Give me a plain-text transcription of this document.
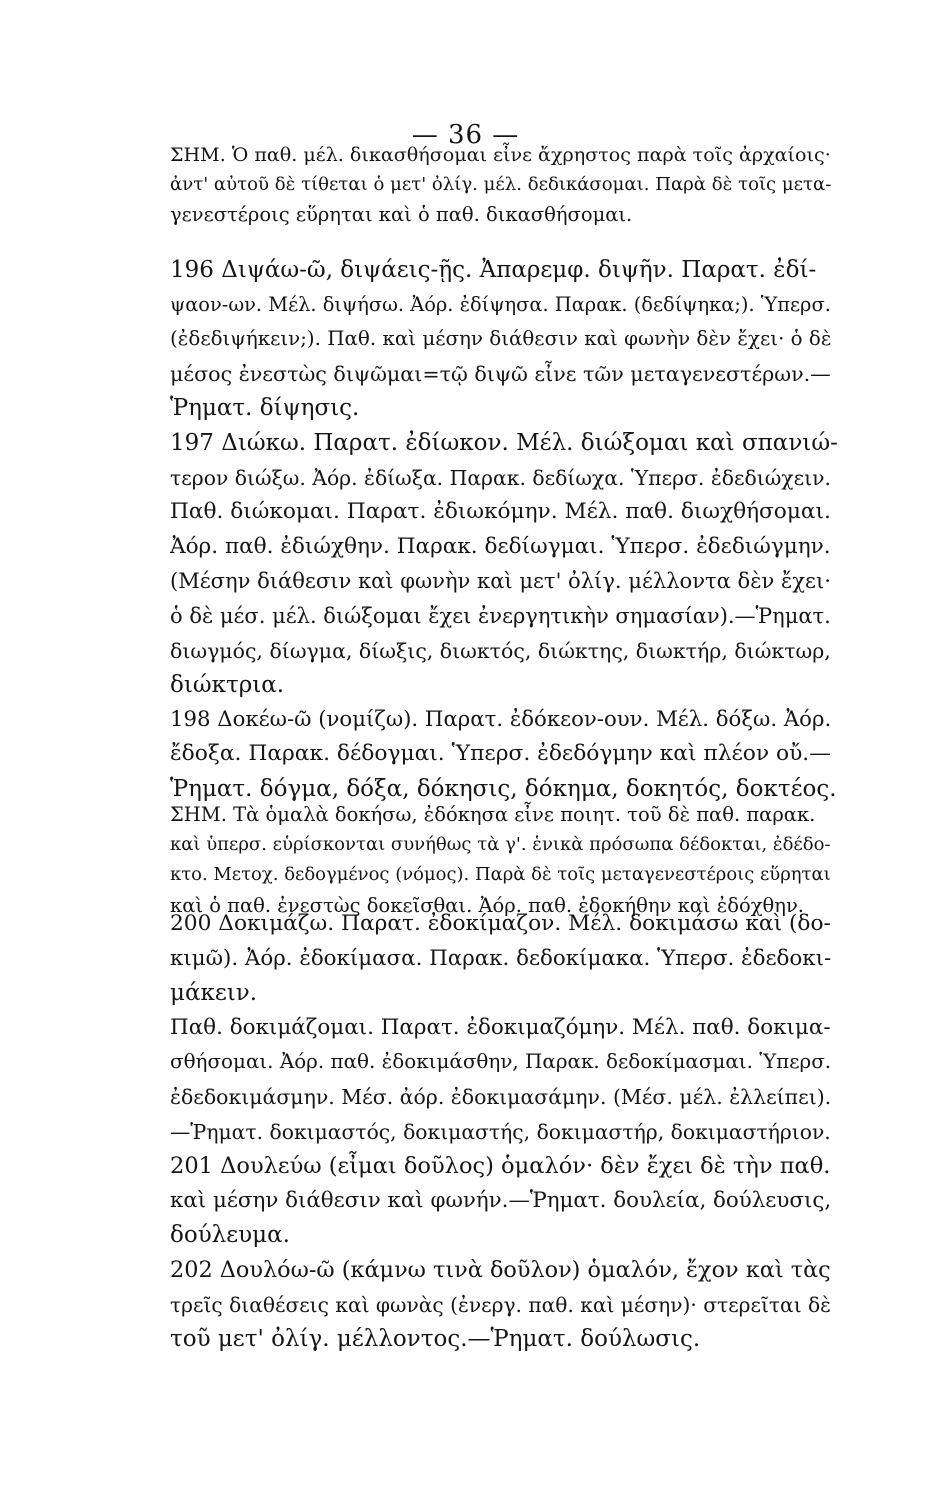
— 36 —
ΣΗΜ. Ὁ παθ. μέλ. δικασθήσομαι εἶνε ἄχρηστος παρὰ τοῖς ἀρχαίοις·
ἀντ' αὐτοῦ δὲ τίθεται ὁ μετ' ὀλίγ. μέλ. δεδικάσομαι. Παρὰ δὲ τοῖς μετα-
γενεστέροις εὕρηται καὶ ὁ παθ. δικασθήσομαι.
196 Διψάω-ῶ, διψάεις-ῇς. Ἀπαρεμφ. διψῆν. Παρατ. ἐδί-
ψαον-ων. Μέλ. διψήσω. Ἀόρ. ἐδίψησα. Παρακ. (δεδίψηκα;). Ὑπερσ.
(ἐδεδιψήκειν;). Παθ. καὶ μέσην διάθεσιν καὶ φωνὴν δὲν ἔχει· ὁ δὲ
μέσος ἐνεστὼς διψῶμαι=τῷ διψῶ εἶνε τῶν μεταγενεστέρων.—
Ῥηματ. δίψησις.
197 Διώκω. Παρατ. ἐδίωκον. Μέλ. διώξομαι καὶ σπανιώ-
τερον διώξω. Ἀόρ. ἐδίωξα. Παρακ. δεδίωχα. Ὑπερσ. ἐδεδιώχειν.
Παθ. διώκομαι. Παρατ. ἐδιωκόμην. Μέλ. παθ. διωχθήσομαι.
Ἀόρ. παθ. ἐδιώχθην. Παρακ. δεδίωγμαι. Ὑπερσ. ἐδεδιώγμην.
(Μέσην διάθεσιν καὶ φωνὴν καὶ μετ' ὀλίγ. μέλλοντα δὲν ἔχει·
ὁ δὲ μέσ. μέλ. διώξομαι ἔχει ἐνεργητικὴν σημασίαν).—Ῥηματ.
διωγμός, δίωγμα, δίωξις, διωκτός, διώκτης, διωκτήρ, διώκτωρ,
διώκτρια.
198 Δοκέω-ῶ (νομίζω). Παρατ. ἐδόκεον-ουν. Μέλ. δόξω. Ἀόρ.
ἔδοξα. Παρακ. δέδογμαι. Ὑπερσ. ἐδεδόγμην καὶ πλέον οὔ.—
Ῥηματ. δόγμα, δόξα, δόκησις, δόκημα, δοκητός, δοκτέος.
ΣΗΜ. Τὰ ὁμαλὰ δοκήσω, ἐδόκησα εἶνε ποιητ. τοῦ δὲ παθ. παρακ.
καὶ ὑπερσ. εὑρίσκονται συνήθως τὰ γ'. ἑνικὰ πρόσωπα δέδοκται, ἐδέδο-
κτο. Μετοχ. δεδογμένος (νόμος). Παρὰ δὲ τοῖς μεταγενεστέροις εὕρηται
καὶ ὁ παθ. ἐνεστὼς δοκεῖσθαι. Ἀόρ. παθ. ἐδοκήθην καὶ ἐδόχθην.
200 Δοκιμάζω. Παρατ. ἐδοκίμαζον. Μέλ. δοκιμάσω καὶ (δο-
κιμῶ). Ἀόρ. ἐδοκίμασα. Παρακ. δεδοκίμακα. Ὑπερσ. ἐδεδοκι-
μάκειν.
Παθ. δοκιμάζομαι. Παρατ. ἐδοκιμαζόμην. Μέλ. παθ. δοκιμα-
σθήσομαι. Ἀόρ. παθ. ἐδοκιμάσθην, Παρακ. δεδοκίμασμαι. Ὑπερσ.
ἐδεδοκιμάσμην. Μέσ. ἀόρ. ἐδοκιμασάμην. (Μέσ. μέλ. ἐλλείπει).
—Ῥηματ. δοκιμαστός, δοκιμαστής, δοκιμαστήρ, δοκιμαστήριον.
201 Δουλεύω (εἶμαι δοῦλος) ὁμαλόν· δὲν ἔχει δὲ τὴν παθ.
καὶ μέσην διάθεσιν καὶ φωνήν.—Ῥηματ. δουλεία, δούλευσις,
δούλευμα.
202 Δουλόω-ῶ (κάμνω τινὰ δοῦλον) ὁμαλόν, ἔχον καὶ τὰς
τρεῖς διαθέσεις καὶ φωνὰς (ἐνεργ. παθ. καὶ μέσην)· στερεῖται δὲ
τοῦ μετ' ὀλίγ. μέλλοντος.—Ῥηματ. δούλωσις.
